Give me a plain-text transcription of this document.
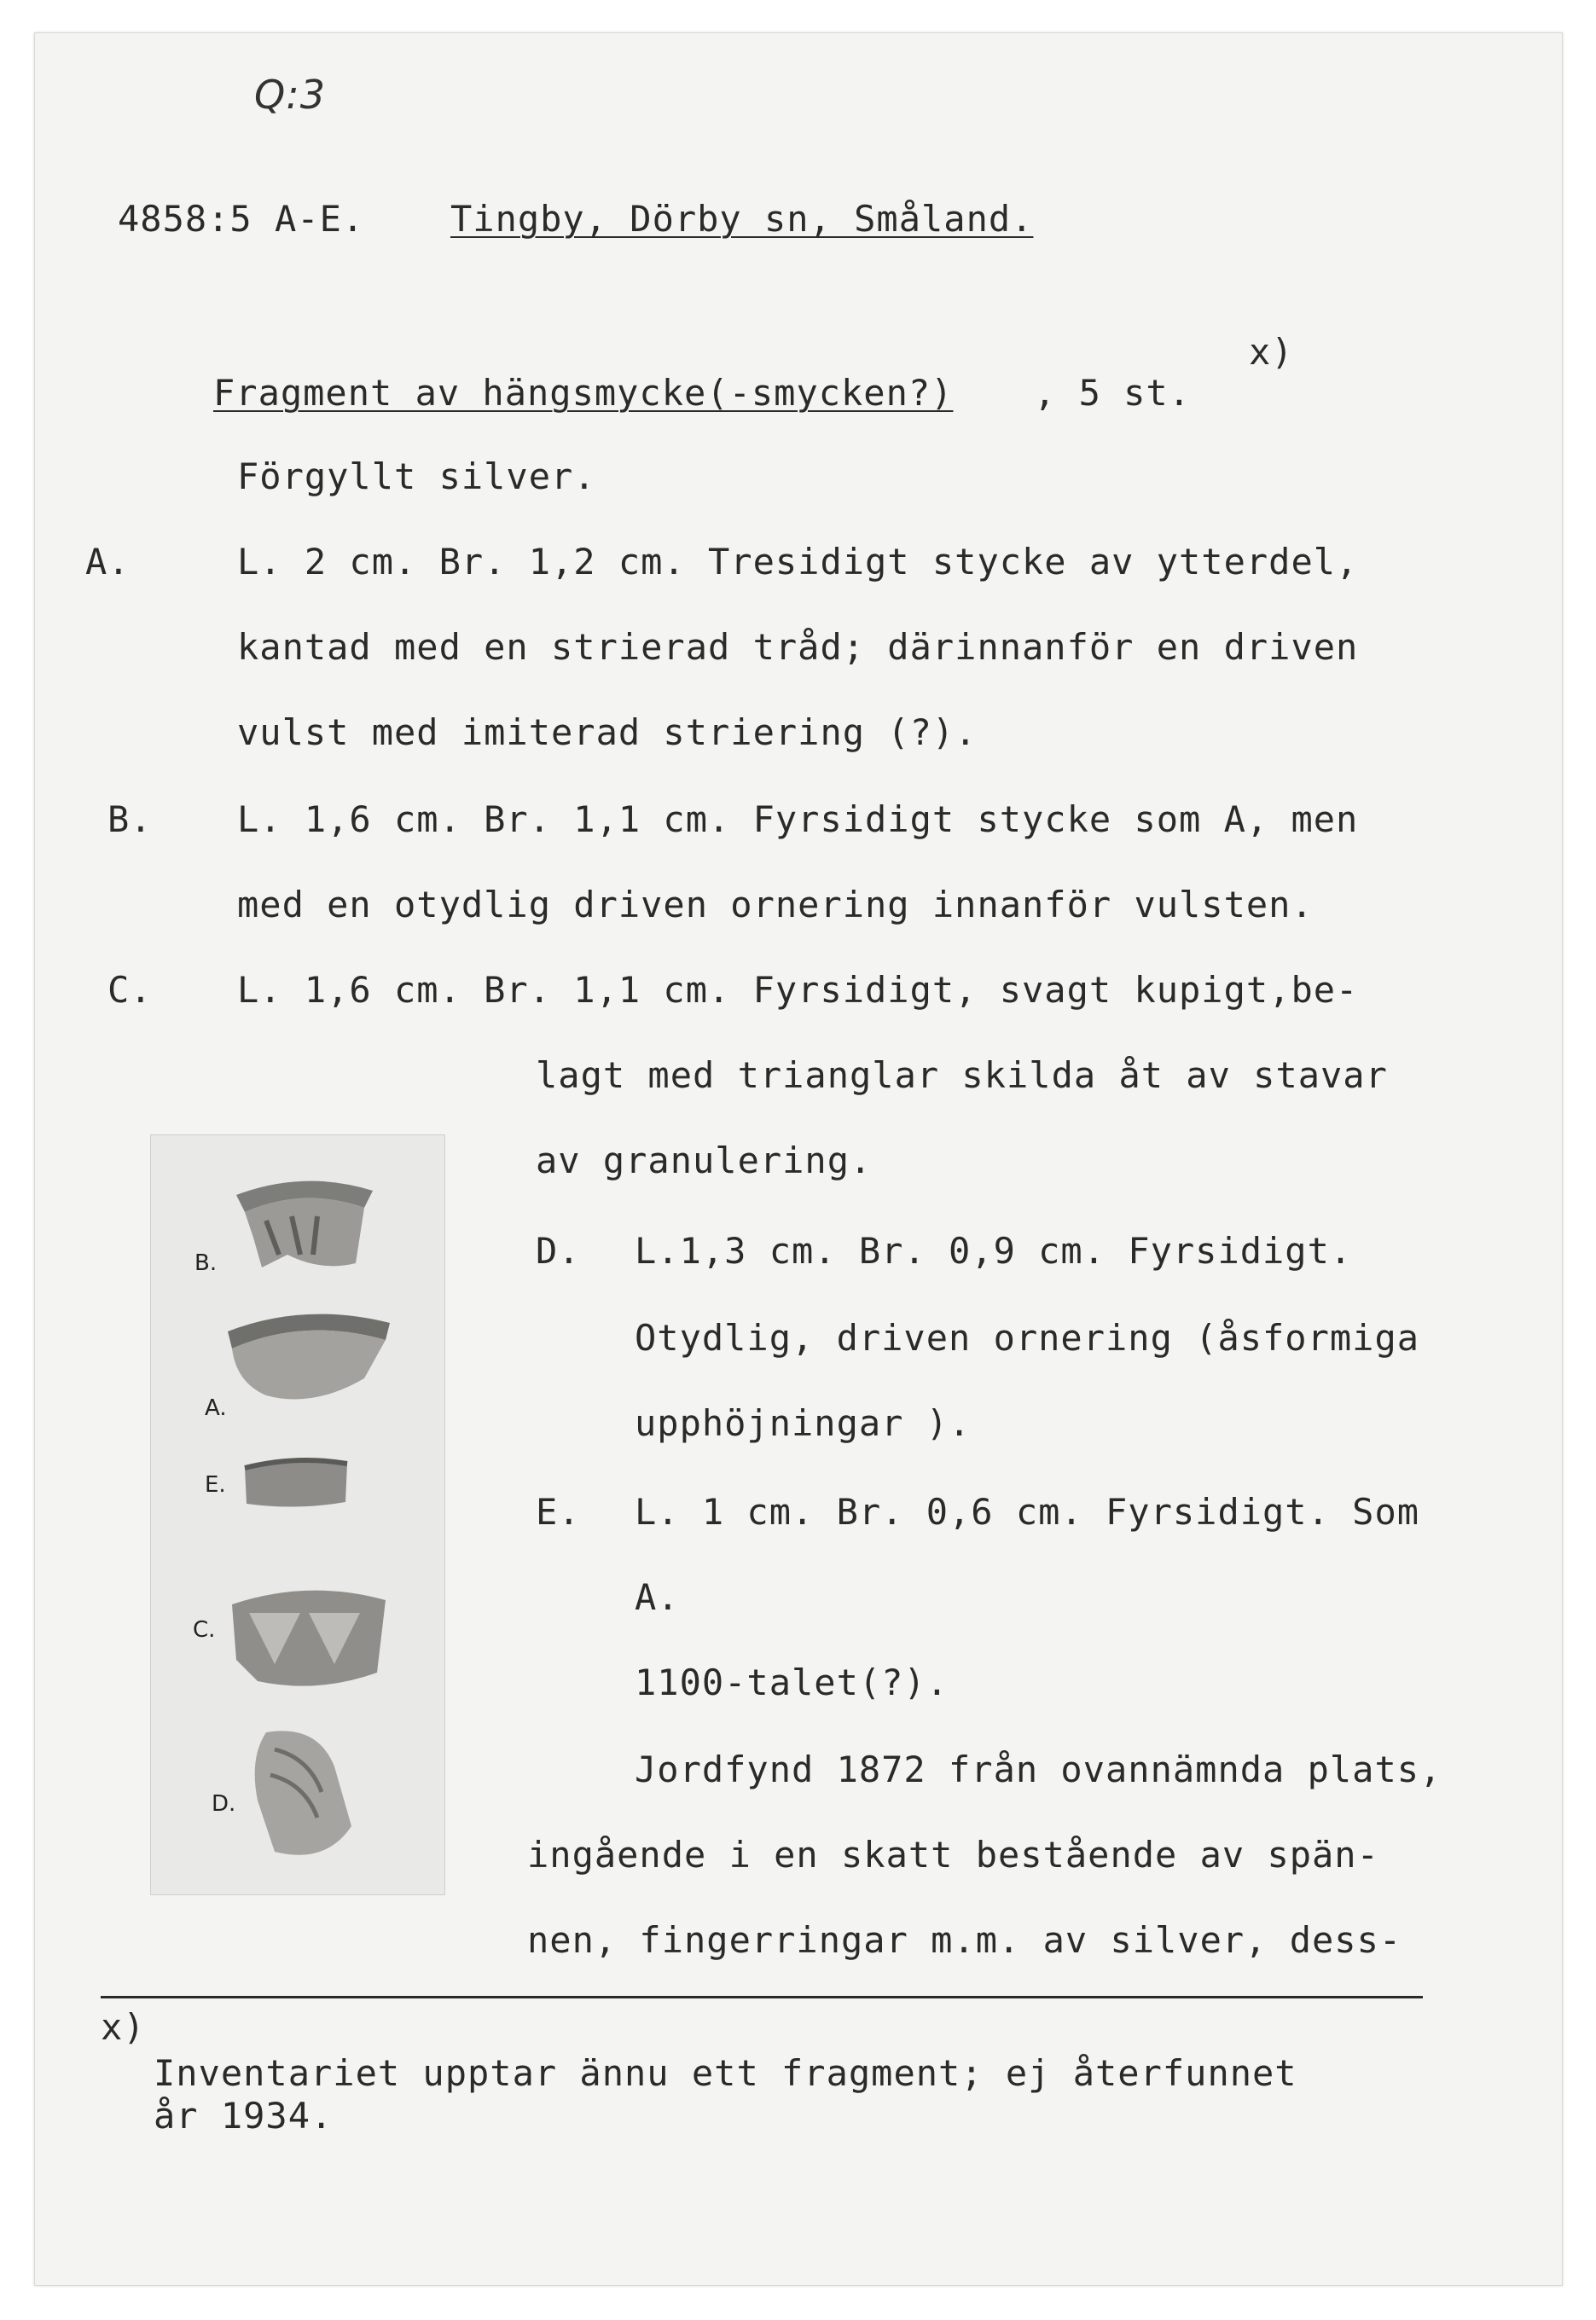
Q:3
4858:5 A-E. Tingby, Dörby sn, Småland.
x)
Fragment av hängsmycke(-smycken?) , 5 st.
Förgyllt silver.
A.	L. 2 cm. Br. 1,2 cm. Tresidigt stycke av ytterdel,
kantad med en strierad tråd; därinnanför en driven
vulst med imiterad striering (?).
B. L. 1,6 cm. Br. 1,1 cm. Fyrsidigt stycke som A, men
med en otydlig driven ornering innanför vulsten.
C. L. 1,6 cm. Br. 1,1 cm. Fyrsidigt, svagt kupigt,be-
lagt med trianglar skilda åt av stavar
av granulering.
D. L.1,3 cm. Br. 0,9 cm. Fyrsidigt.
Otydlig, driven ornering (åsformiga
upphöjningar ).
E. L. 1 cm. Br. 0,6 cm. Fyrsidigt. Som
A.
1100-talet(?).
Jordfynd 1872 från ovannämnda plats,
ingående i en skatt bestående av spän-
nen, fingerringar m.m. av silver, dess-
B.
A.
E.
C.
D.
x)
Inventariet upptar ännu ett fragment; ej återfunnet
år 1934.
